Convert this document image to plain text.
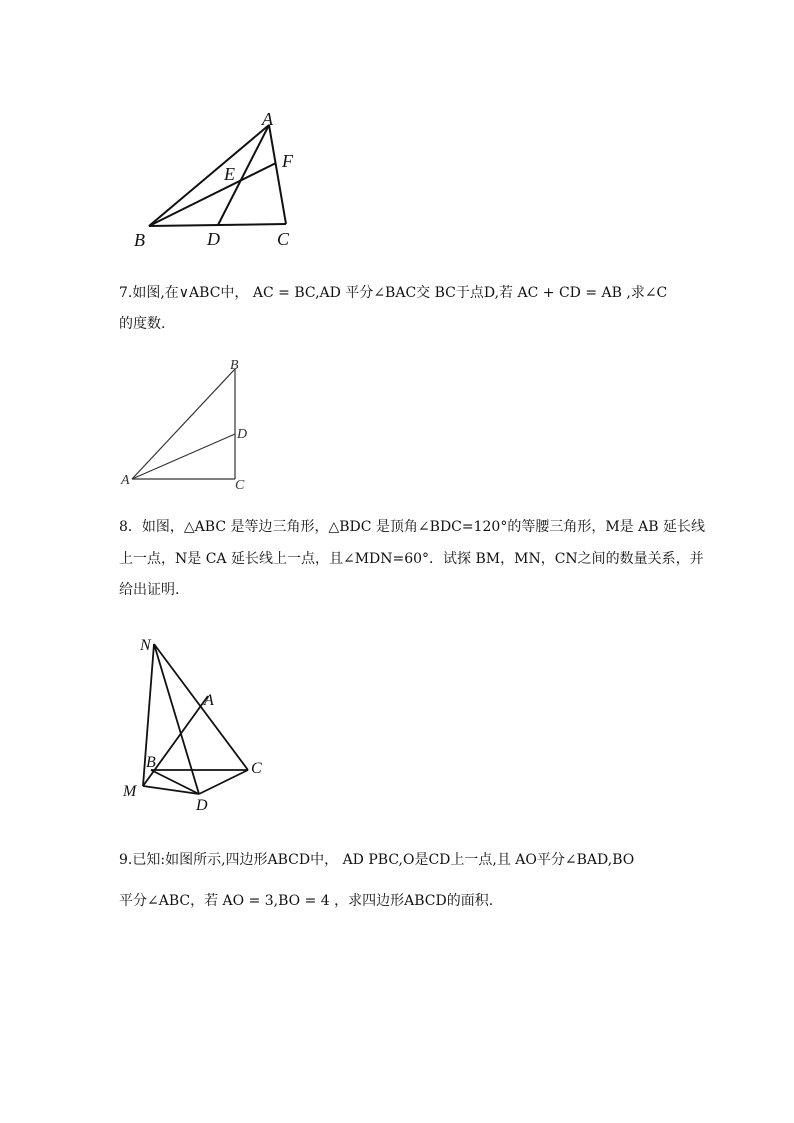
A
F
E
B	D	C
7.如图,在∨ABC中， AC = BC,AD 平分∠BAC交 BC于点D,若 AC + CD = AB ,求∠C
的度数.
B
D
A	C
8．如图，△ABC 是等边三角形，△BDC 是顶角∠BDC=120°的等腰三角形，M是 AB 延长线
上一点，N是 CA 延长线上一点，且∠MDN=60°．试探 BM，MN，CN之间的数量关系，并
给出证明.
N
A
B	C
M
D
9.已知:如图所示,四边形ABCD中， AD PBC,O是CD上一点,且 AO平分∠BAD,BO
平分∠ABC，若 AO = 3,BO = 4 ，求四边形ABCD的面积.
